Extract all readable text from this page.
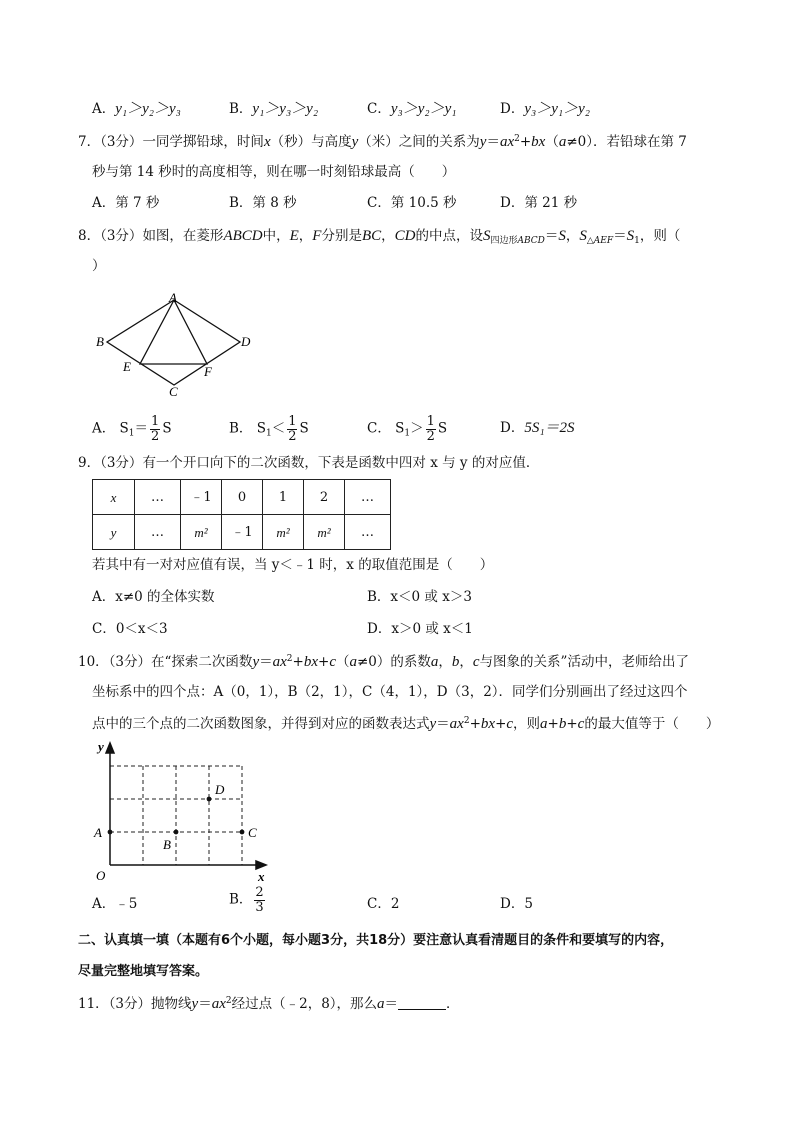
A．y₁＞y₂＞y₃	B．y₁＞y₃＞y₂	C．y₃＞y₂＞y₁	D．y₃＞y₁＞y₂
7．（3分）一同学掷铅球，时间x（秒）与高度y（米）之间的关系为$y=ax^2+bx(a\ne 0)$．若铅球在第 7
秒与第 14 秒时的高度相等，则在哪一时刻铅球最高（　　）
A．第 7 秒	B．第 8 秒	C．第 10.5 秒	D．第 21 秒
8．（3分）如图，在菱形ABCD中，E，F分别是BC，CD的中点，设$S_{四边形ABCD}=S$，$S_{\triangle AEF}=S_1$，则（
）
A
B
C
D
E	F
A． $S_1= \frac{1}{2}$ S	B． $S_1< \frac{1}{2}$ S	C． $S_1> \frac{1}{2}$ S	D．5S₁＝2S
9．（3分）有一个开口向下的二次函数，下表是函数中四对 x 与 y 的对应值．
x	…	﹣1	0	1	2	…
y	…	m²	﹣1	m²	m²	…
若其中有一对对应值有误，当 y＜﹣1 时，x 的取值范围是（　　）
A．x≠0 的全体实数	B．x＜0 或 x＞3
C．0＜x＜3	D．x＞0 或 x＜1
10．（3分）在“探索二次函数$y=ax^2+bx+c(a\ne 0)$的系数a，b，c与图象的关系”活动中，老师给出了
坐标系中的四个点：A（0，1），B（2，1），C（4，1），D（3，2）．同学们分别画出了经过这四个
点中的三个点的二次函数图象，并得到对应的函数表达式$y=ax^2+bx+c$，则a+b+c的最大值等于（　　）
y
x
O
A
B
C
D
A．﹣5	B． $\frac{2}{3}$	C．2	D．5
二、认真填一填（本题有6个小题，每小题3分，共18分）要注意认真看清题目的条件和要填写的内容，
尽量完整地填写答案。
11．（3分）抛物线$y=ax^2$经过点（﹣2，8），那么a＝	．
